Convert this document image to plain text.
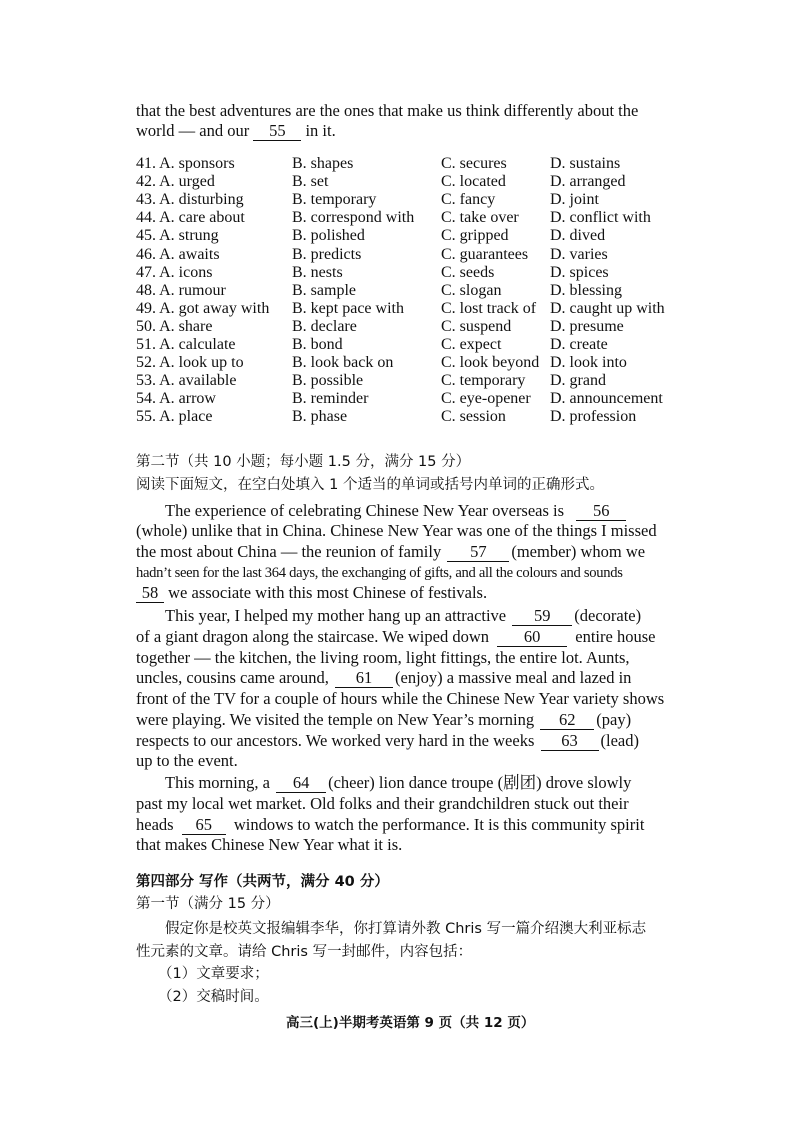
that the best adventures are the ones that make us think differently about the
world — and our 55 in it.
41. A. sponsors	B. shapes	C. secures	D. sustains
42. A. urged	B. set	C. located	D. arranged
43. A. disturbing	B. temporary	C. fancy	D. joint
44. A. care about	B. correspond with C. take over D. conflict with
45. A. strung	B. polished	C. gripped	D. dived
46. A. awaits	B. predicts	C. guarantees D. varies
47. A. icons	B. nests	C. seeds	D. spices
48. A. rumour	B. sample	C. slogan	D. blessing
49. A. got away with B. kept pace with C. lost track of D. caught up with
50. A. share	B. declare	C. suspend D. presume
51. A. calculate	B. bond	C. expect	D. create
52. A. look up to	B. look back on	C. look beyond D. look into
53. A. available	B. possible	C. temporary D. grand
54. A. arrow	B. reminder	C. eye-opener D. announcement
55. A. place	B. phase	C. session	D. profession
第二节（共 10 小题；每小题 1.5 分，满分 15 分）
阅读下面短文，在空白处填入 1 个适当的单词或括号内单词的正确形式。
The experience of celebrating Chinese New Year overseas is 56
(whole) unlike that in China. Chinese New Year was one of the things I missed
the most about China — the reunion of family 57 (member) whom we
hadn’t seen for the last 364 days, the exchanging of gifts, and all the colours and sounds
58 we associate with this most Chinese of festivals.
This year, I helped my mother hang up an attractive 59 (decorate)
of a giant dragon along the staircase. We wiped down 60 entire house
together — the kitchen, the living room, light fittings, the entire lot. Aunts,
uncles, cousins came around, 61 (enjoy) a massive meal and lazed in
front of the TV for a couple of hours while the Chinese New Year variety shows
were playing. We visited the temple on New Year’s morning 62 (pay)
respects to our ancestors. We worked very hard in the weeks 63 (lead)
up to the event.
This morning, a 64 (cheer) lion dance troupe (剧团) drove slowly
past my local wet market. Old folks and their grandchildren stuck out their
heads 65 windows to watch the performance. It is this community spirit
that makes Chinese New Year what it is.
第四部分 写作（共两节，满分 40 分）
第一节（满分 15 分）
假定你是校英文报编辑李华，你打算请外教 Chris 写一篇介绍澳大利亚标志
性元素的文章。请给 Chris 写一封邮件，内容包括：
（1）文章要求；
（2）交稿时间。
高三(上)半期考英语第 9 页（共 12 页）
